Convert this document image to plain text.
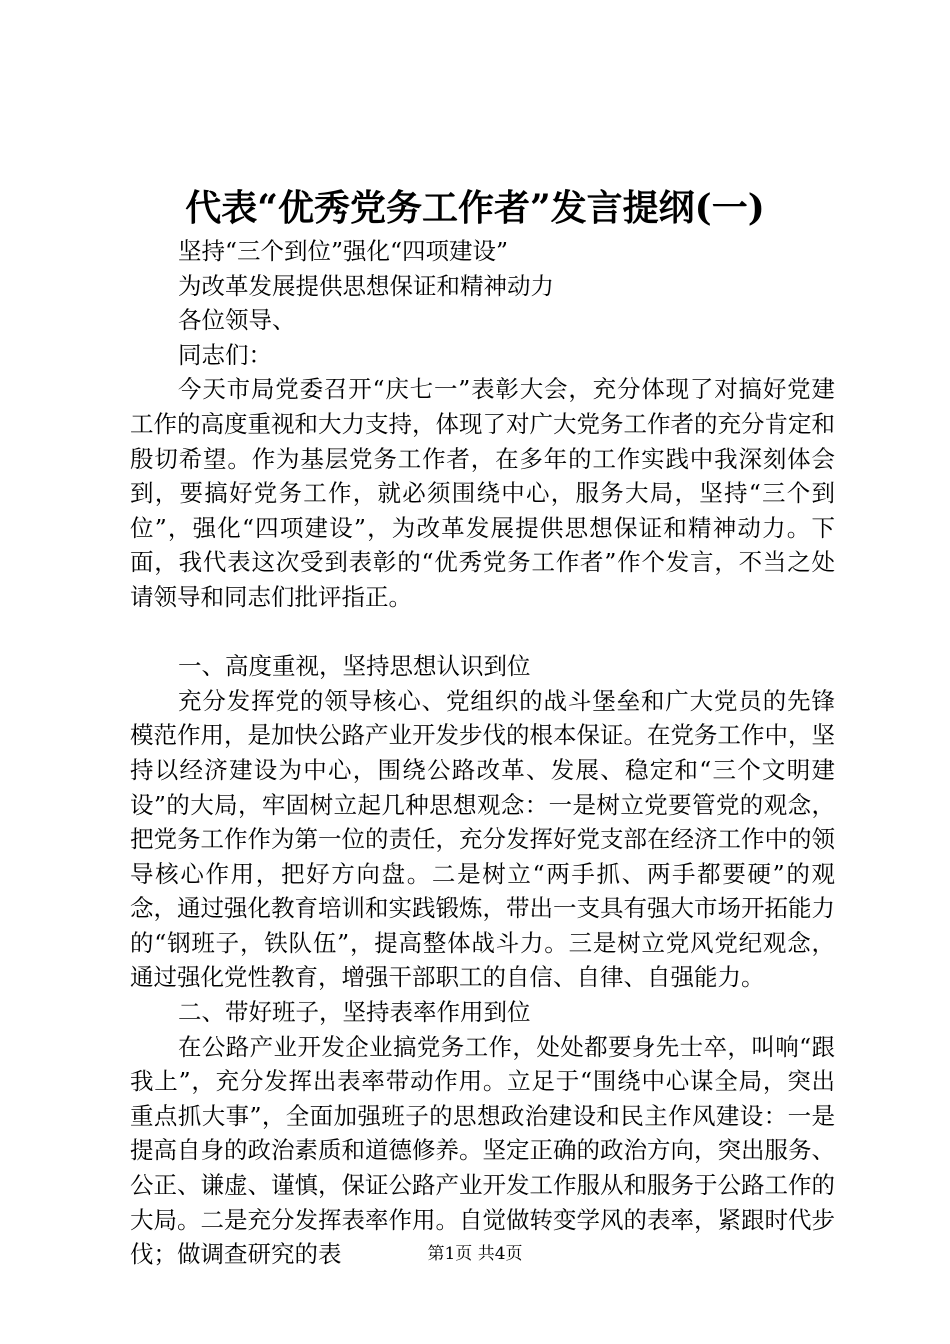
代表“优秀党务工作者”发言提纲(一)

坚持“三个到位”强化“四项建设”

为改革发展提供思想保证和精神动力

各位领导、

同志们：

今天市局党委召开“庆七一”表彰大会，充分体现了对搞好党建工作的高度重视和大力支持，体现了对广大党务工作者的充分肯定和殷切希望。作为基层党务工作者，在多年的工作实践中我深刻体会到，要搞好党务工作，就必须围绕中心，服务大局，坚持“三个到位”，强化“四项建设”，为改革发展提供思想保证和精神动力。下面，我代表这次受到表彰的“优秀党务工作者”作个发言，不当之处请领导和同志们批评指正。

一、高度重视，坚持思想认识到位

充分发挥党的领导核心、党组织的战斗堡垒和广大党员的先锋模范作用，是加快公路产业开发步伐的根本保证。在党务工作中，坚持以经济建设为中心，围绕公路改革、发展、稳定和“三个文明建设”的大局，牢固树立起几种思想观念：一是树立党要管党的观念，把党务工作作为第一位的责任，充分发挥好党支部在经济工作中的领导核心作用，把好方向盘。二是树立“两手抓、两手都要硬”的观念，通过强化教育培训和实践锻炼，带出一支具有强大市场开拓能力的“钢班子，铁队伍”，提高整体战斗力。三是树立党风党纪观念，通过强化党性教育，增强干部职工的自信、自律、自强能力。

二、带好班子，坚持表率作用到位

在公路产业开发企业搞党务工作，处处都要身先士卒，叫响“跟我上”，充分发挥出表率带动作用。立足于“围绕中心谋全局，突出重点抓大事”，全面加强班子的思想政治建设和民主作风建设：一是提高自身的政治素质和道德修养。坚定正确的政治方向，突出服务、公正、谦虚、谨慎，保证公路产业开发工作服从和服务于公路工作的大局。二是充分发挥表率作用。自觉做转变学风的表率，紧跟时代步伐；做调查研究的表	第1页 共4页
